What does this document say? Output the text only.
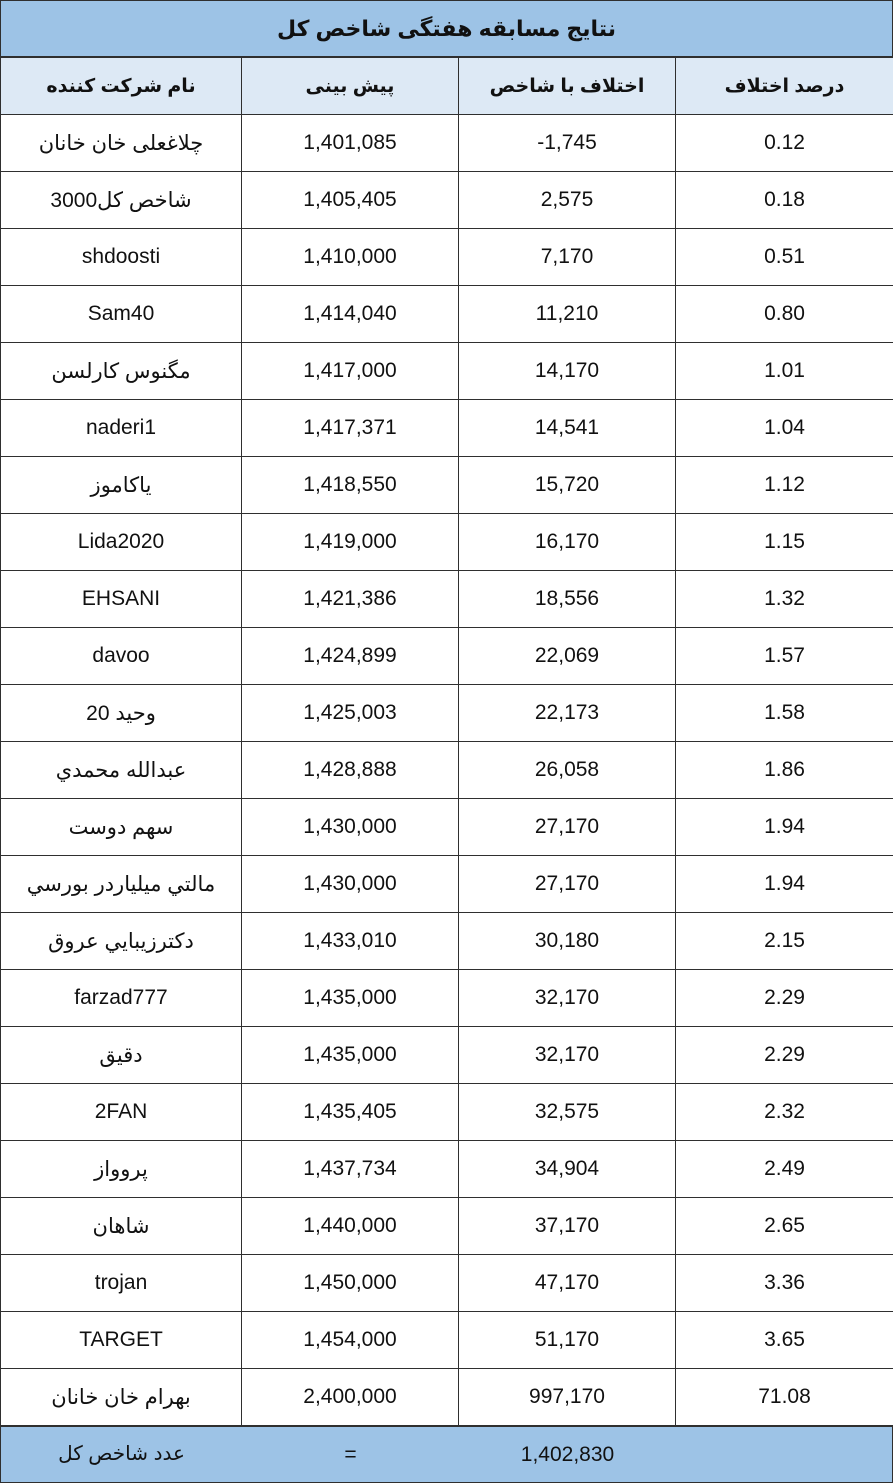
نتایج مسابقه هفتگی شاخص کل
نام شرکت کننده	پیش بینی	اختلاف با شاخص	درصد اختلاف
چلاغعلی خان خانان	1,401,085	-1,745	0.12
شاخص کل3000	1,405,405	2,575	0.18
shdoosti	1,410,000	7,170	0.51
Sam40	1,414,040	11,210	0.80
مگنوس کارلسن	1,417,000	14,170	1.01
naderi1	1,417,371	14,541	1.04
یاکاموز	1,418,550	15,720	1.12
Lida2020	1,419,000	16,170	1.15
EHSANI	1,421,386	18,556	1.32
davoo	1,424,899	22,069	1.57
وحید 20	1,425,003	22,173	1.58
عبدالله محمدي	1,428,888	26,058	1.86
سهم دوست	1,430,000	27,170	1.94
مالتي ميلياردر بورسي	1,430,000	27,170	1.94
دكترزيبايي عروق	1,433,010	30,180	2.15
farzad777	1,435,000	32,170	2.29
دقیق	1,435,000	32,170	2.29
2FAN	1,435,405	32,575	2.32
پروواز	1,437,734	34,904	2.49
شاهان	1,440,000	37,170	2.65
trojan	1,450,000	47,170	3.36
TARGET	1,454,000	51,170	3.65
بهرام خان خانان	2,400,000	997,170	71.08
عدد شاخص کل	=	1,402,830
